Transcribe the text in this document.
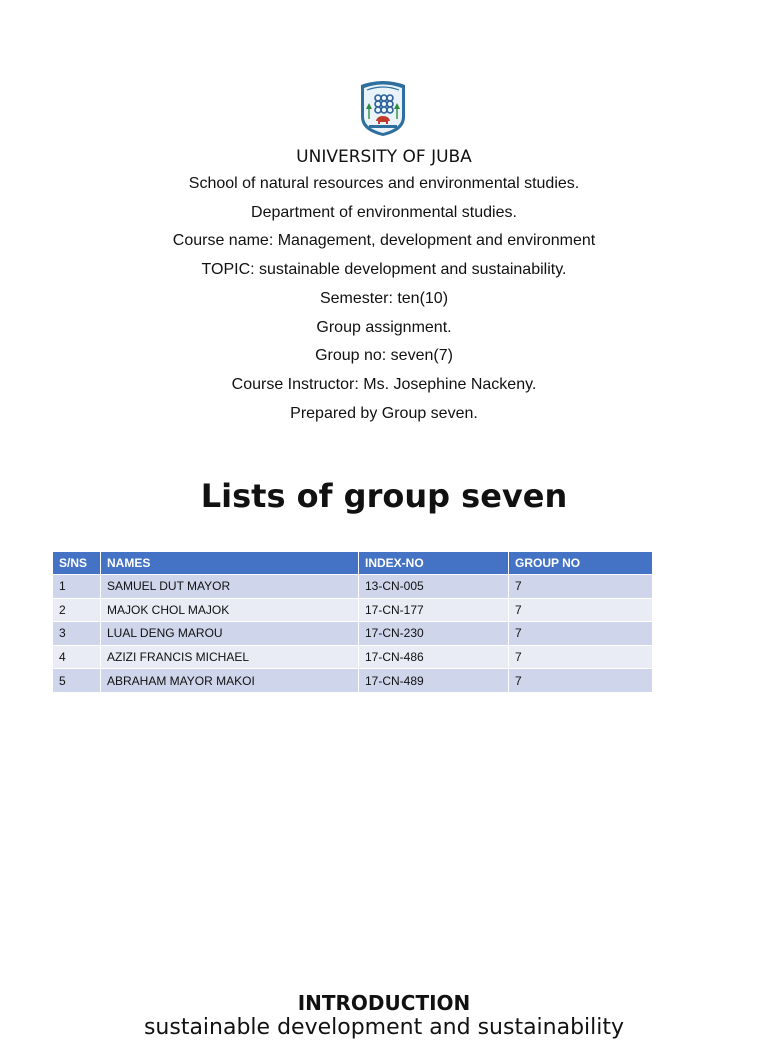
UNIVERSITY OF JUBA

School of natural resources and environmental studies.

Department of environmental studies.

Course name: Management, development and environment

TOPIC: sustainable development and sustainability.

Semester: ten(10)

Group assignment.

Group no: seven(7)

Course Instructor: Ms. Josephine Nackeny.

Prepared by Group seven.

Lists of group seven
S/NS	NAMES	INDEX-NO	GROUP NO
1	SAMUEL DUT MAYOR	13-CN-005	7
2	MAJOK CHOL MAJOK	17-CN-177	7
3	LUAL DENG MAROU	17-CN-230	7
4	AZIZI FRANCIS MICHAEL	17-CN-486	7
5	ABRAHAM MAYOR MAKOI	17-CN-489	7
INTRODUCTION

sustainable development and sustainability
